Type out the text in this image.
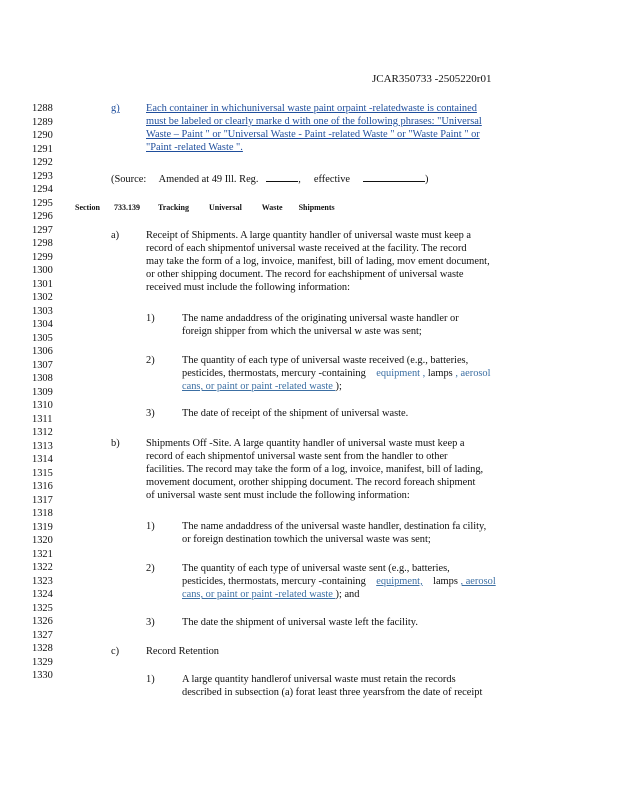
JCAR350733 -2505220r01
1288
1289
1290
1291
1292
1293
1294
1295
1296
1297
1298
1299
1300
1301
1302
1303
1304
1305
1306
1307
1308
1309
1310
1311
1312
1313
1314
1315
1316
1317
1318
1319
1320
1321
1322
1323
1324
1325
1326
1327
1328
1329
1330
g)	Each container in whichuniversal waste paint orpaint -relatedwaste is contained
must be labeled or clearly marke d with one of the following phrases: "Universal
Waste – Paint " or "Universal Waste - Paint -related Waste " or "Waste Paint " or
"Paint -related Waste ".
(Source: Amended at 49 Ill. Reg.	, effective	)
Section 733.139 Tracking          Universal          Waste        Shipments
a)	Receipt of Shipments. A large quantity handler of universal waste must keep a
record of each shipmentof universal waste received at the facility. The record
may take the form of a log, invoice, manifest, bill of lading, mov ement document,
or other shipping document. The record for eachshipment of universal waste
received must include the following information:
1)	The name andaddress of the originating universal waste handler or
foreign shipper from which the universal w aste was sent;
2)	The quantity of each type of universal waste received (e.g., batteries,
pesticides, thermostats, mercury -containing equipment , lamps , aerosol
cans, or paint or paint -related waste );
3)	The date of receipt of the shipment of universal waste.
b)	Shipments Off -Site. A large quantity handler of universal waste must keep a
record of each shipmentof universal waste sent from the handler to other
facilities. The record may take the form of a log, invoice, manifest, bill of lading,
movement document, orother shipping document. The record foreach shipment
of universal waste sent must include the following information:
1)	The name andaddress of the universal waste handler, destination fa cility,
or foreign destination towhich the universal waste was sent;
2)	The quantity of each type of universal waste sent (e.g., batteries,
pesticides, thermostats, mercury -containing equipment, lamps , aerosol
cans, or paint or paint -related waste ); and
3)	The date the shipment of universal waste left the facility.
c)	Record Retention
1)	A large quantity handlerof universal waste must retain the records
described in subsection (a) forat least three yearsfrom the date of receipt
